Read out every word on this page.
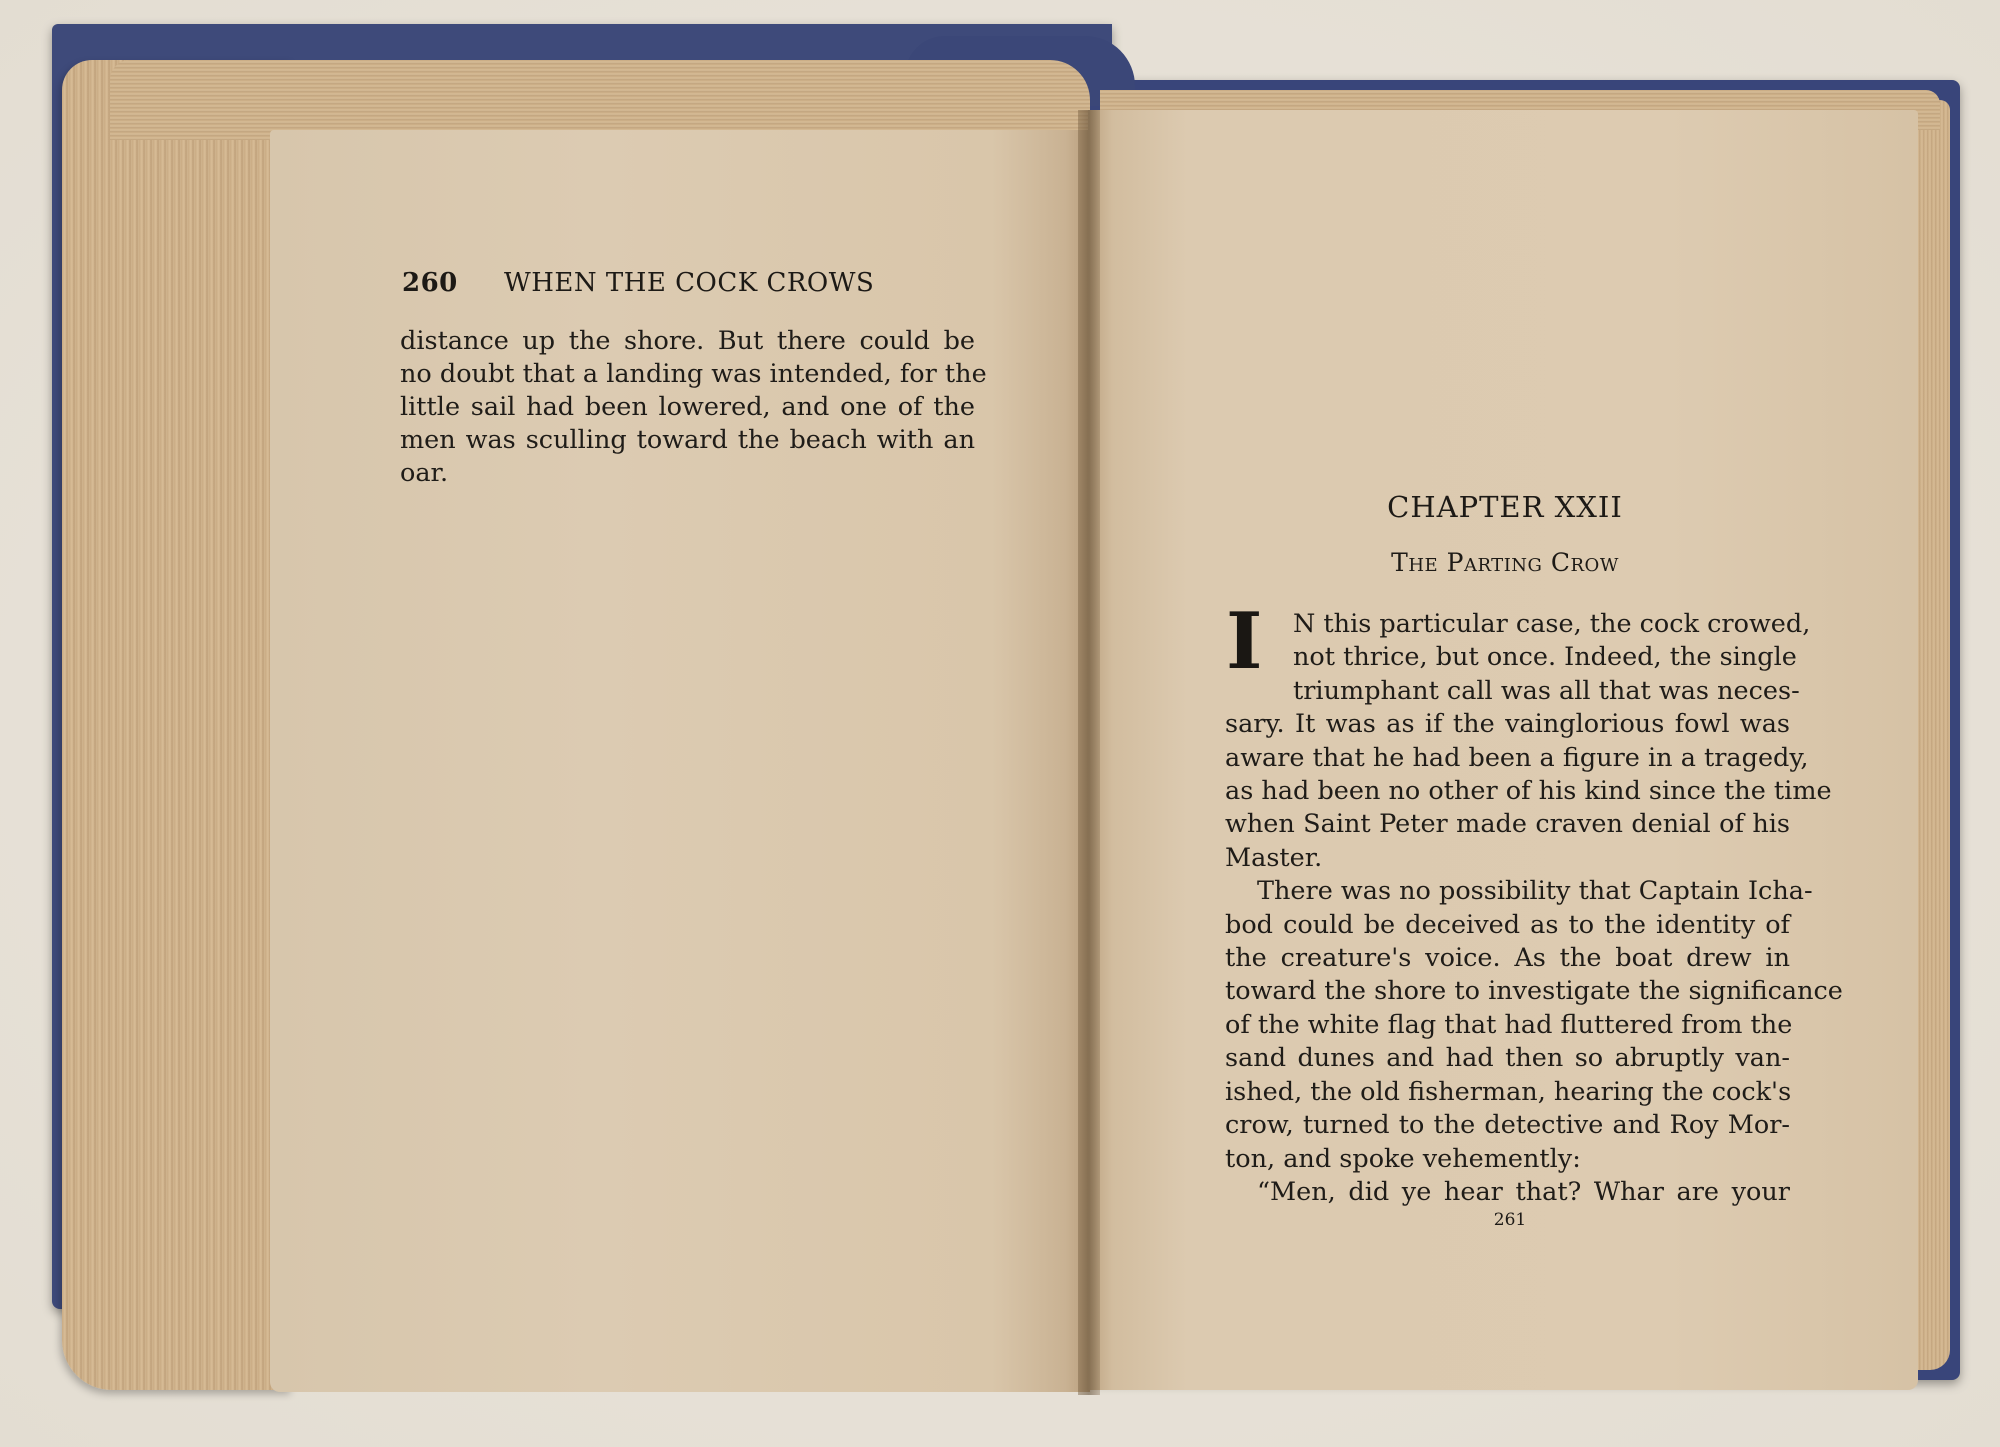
260 WHEN THE COCK CROWS
distance up the shore. But there could be
no doubt that a landing was intended, for the
little sail had been lowered, and one of the
men was sculling toward the beach with an
oar.
CHAPTER XXII
The Parting Crow
I	N this particular case, the cock crowed,
not thrice, but once. Indeed, the single
triumphant call was all that was neces-
sary. It was as if the vainglorious fowl was
aware that he had been a figure in a tragedy,
as had been no other of his kind since the time
when Saint Peter made craven denial of his
Master.
There was no possibility that Captain Icha-
bod could be deceived as to the identity of
the creature's voice. As the boat drew in
toward the shore to investigate the significance
of the white flag that had fluttered from the
sand dunes and had then so abruptly van-
ished, the old fisherman, hearing the cock's
crow, turned to the detective and Roy Mor-
ton, and spoke vehemently:
“Men, did ye hear that? Whar are your
261
